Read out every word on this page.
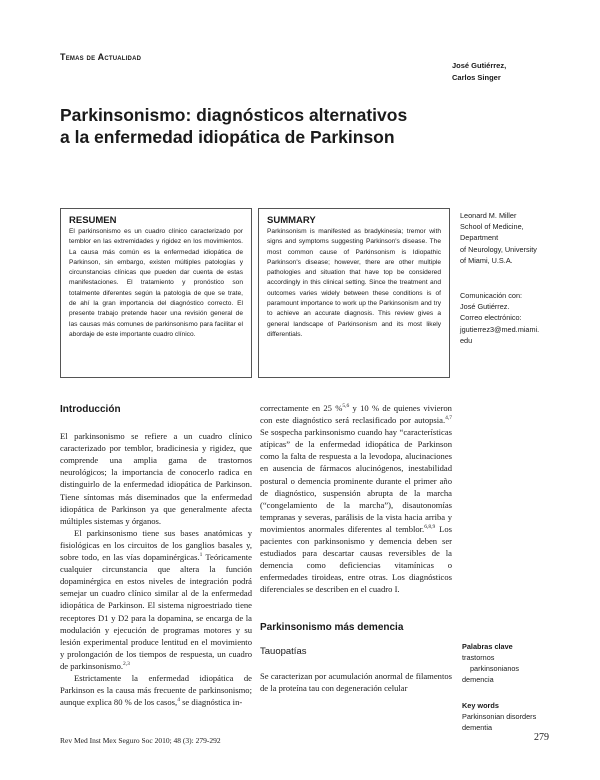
Temas de Actualidad
José Gutiérrez,
Carlos Singer
Parkinsonismo: diagnósticos alternativos
a la enfermedad idiopática de Parkinson
RESUMEN

El parkinsonismo es un cuadro clínico caracterizado por temblor en las extremidades y rigidez en los movimientos. La causa más común es la enfermedad idiopática de Parkinson, sin embargo, existen múltiples patologías y circunstancias clínicas que pueden dar cuenta de estas manifestaciones. El tratamiento y pronóstico son totalmente diferentes según la patología de que se trate, de ahí la gran importancia del diagnóstico correcto. El presente trabajo pretende hacer una revisión general de las causas más comunes de parkinsonismo para facilitar el abordaje de este importante cuadro clínico.

SUMMARY

Parkinsonism is manifested as bradykinesia; tremor with signs and symptoms suggesting Parkinson's disease. The most common cause of Parkinsonism is Idiopathic Parkinson's disease; however, there are other multiple pathologies and situation that have top be considered accordingly in this clinical setting. Since the treatment and outcomes varies widely between these conditions is of paramount importance to work up the Parkinsonism and try to achieve an accurate diagnosis. This review gives a general landscape of Parkinsonism and its most likely differentials.

Leonard M. Miller
School of Medicine,
Department
of Neurology, University
of Miami, U.S.A.
Comunicación con:
José Gutiérrez.
Correo electrónico:
jgutierrez3@med.miami.
edu
Introducción

El parkinsonismo se refiere a un cuadro clínico caracterizado por temblor, bradicinesia y rigidez, que comprende una amplia gama de trastornos neurológicos; la importancia de conocerlo radica en distinguirlo de la enfermedad idiopática de Parkinson. Tiene síntomas más diseminados que la enfermedad idiopática de Parkinson ya que generalmente afecta múltiples sistemas y órganos.

El parkinsonismo tiene sus bases anatómicas y fisiológicas en los circuitos de los ganglios basales y, sobre todo, en las vías dopaminérgicas.$^1$ Teóricamente cualquier circunstancia que altera la función dopaminérgica en estos niveles de integración podrá semejar un cuadro clínico similar al de la enfermedad idiopática de Parkinson. El sistema nigroestriado tiene receptores D1 y D2 para la dopamina, se encarga de la modulación y ejecución de programas motores y su lesión experimental produce lentitud en el movimiento y prolongación de los tiempos de respuesta, un cuadro de parkinsonismo.$^{2,3}$

Estrictamente la enfermedad idiopática de Parkinson es la causa más frecuente de parkinsonismo; aunque explica 80 % de los casos,$^4$ se diagnóstica in-

correctamente en 25 %$^{5,6}$ y 10 % de quienes vivieron con este diagnóstico será reclasificado por autopsia.$^{4,7}$ Se sospecha parkinsonismo cuando hay “características atípicas” de la enfermedad idiopática de Parkinson como la falta de respuesta a la levodopa, alucinaciones en ausencia de fármacos alucinógenos, inestabilidad postural o demencia prominente durante el primer año de diagnóstico, suspensión abrupta de la marcha (“congelamiento de la marcha”), disautonomías tempranas y severas, parálisis de la vista hacia arriba y movimientos anormales diferentes al temblor.$^{6,8,9}$ Los pacientes con parkinsonismo y demencia deben ser estudiados para descartar causas reversibles de la demencia como deficiencias vitamínicas o enfermedades tiroideas, entre otras. Los diagnósticos diferenciales se describen en el cuadro I.

Parkinsonismo más demencia
Tauopatías

Se caracterizan por acumulación anormal de filamentos de la proteína tau con degeneración celular

Palabras clave
trastornos
parkinsonianos
demencia
Key words
Parkinsonian disorders
dementia
Rev Med Inst Mex Seguro Soc 2010; 48 (3): 279-292	279
